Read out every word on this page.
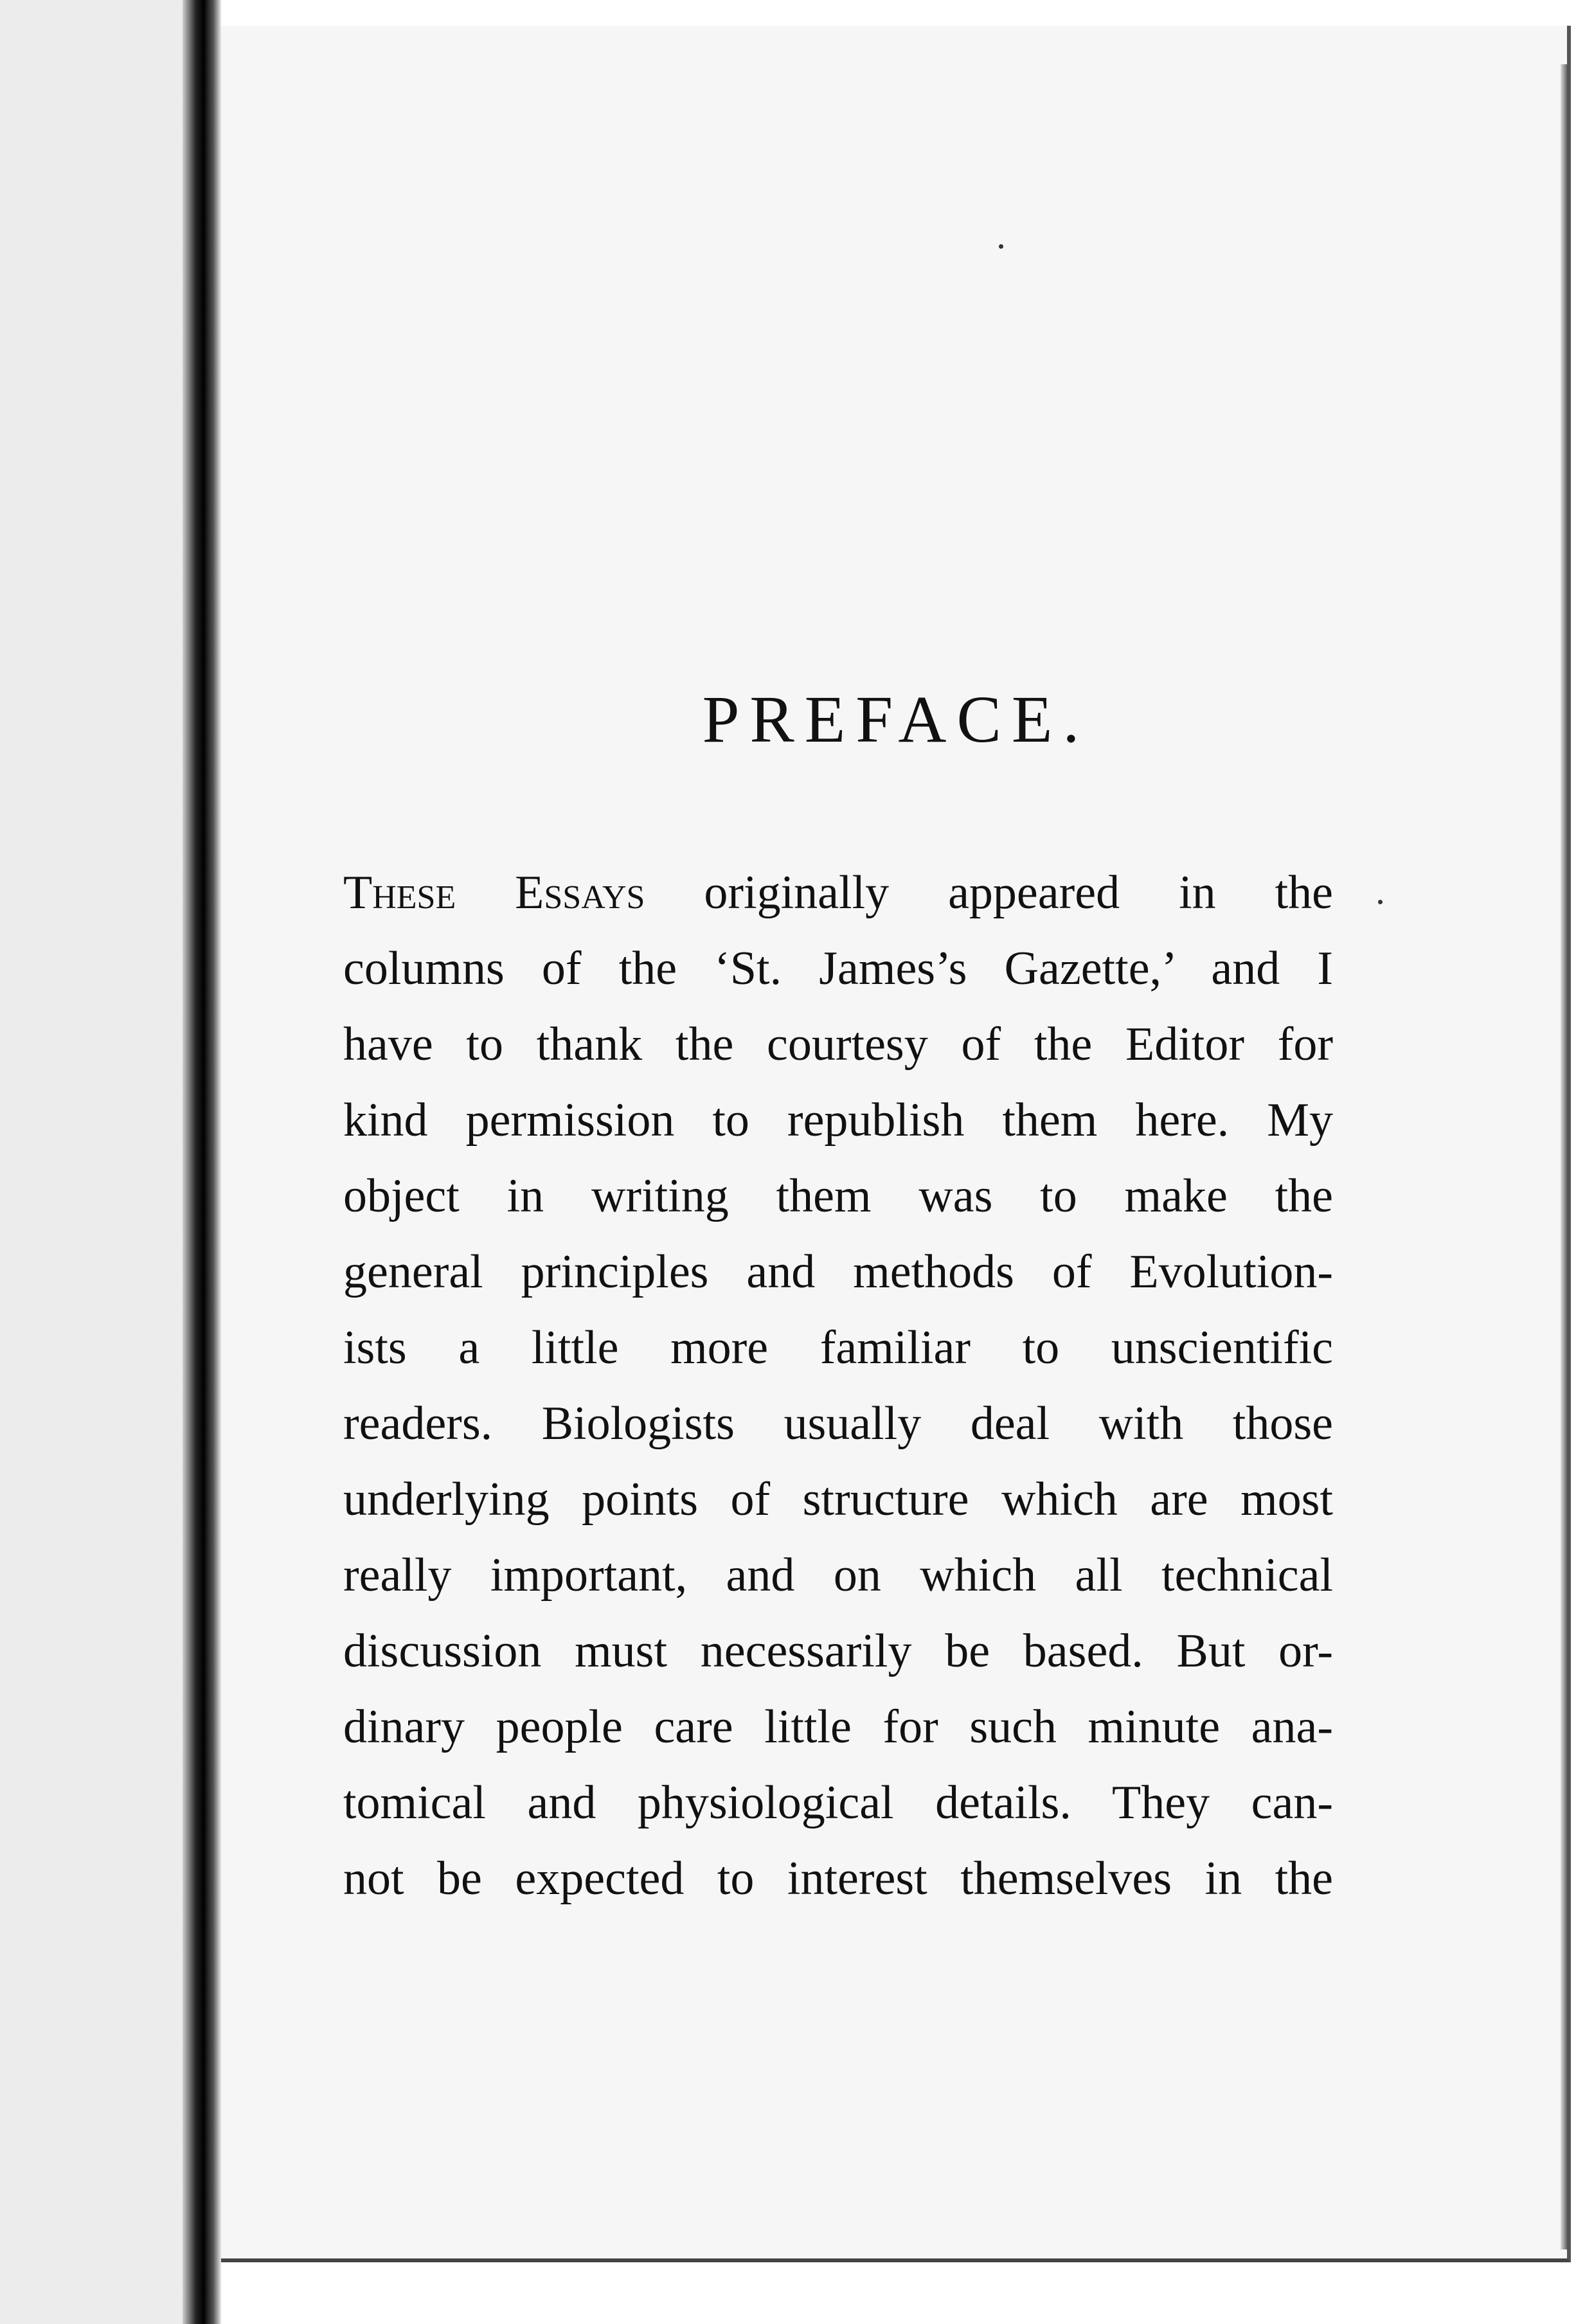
PREFACE.
These Essays originally appeared in the
columns of the ‘St. James’s Gazette,’ and I
have to thank the courtesy of the Editor for
kind permission to republish them here. My
object in writing them was to make the
general principles and methods of Evolution-
ists a little more familiar to unscientific
readers. Biologists usually deal with those
underlying points of structure which are most
really important, and on which all technical
discussion must necessarily be based. But or-
dinary people care little for such minute ana-
tomical and physiological details. They can-
not be expected to interest themselves in the
